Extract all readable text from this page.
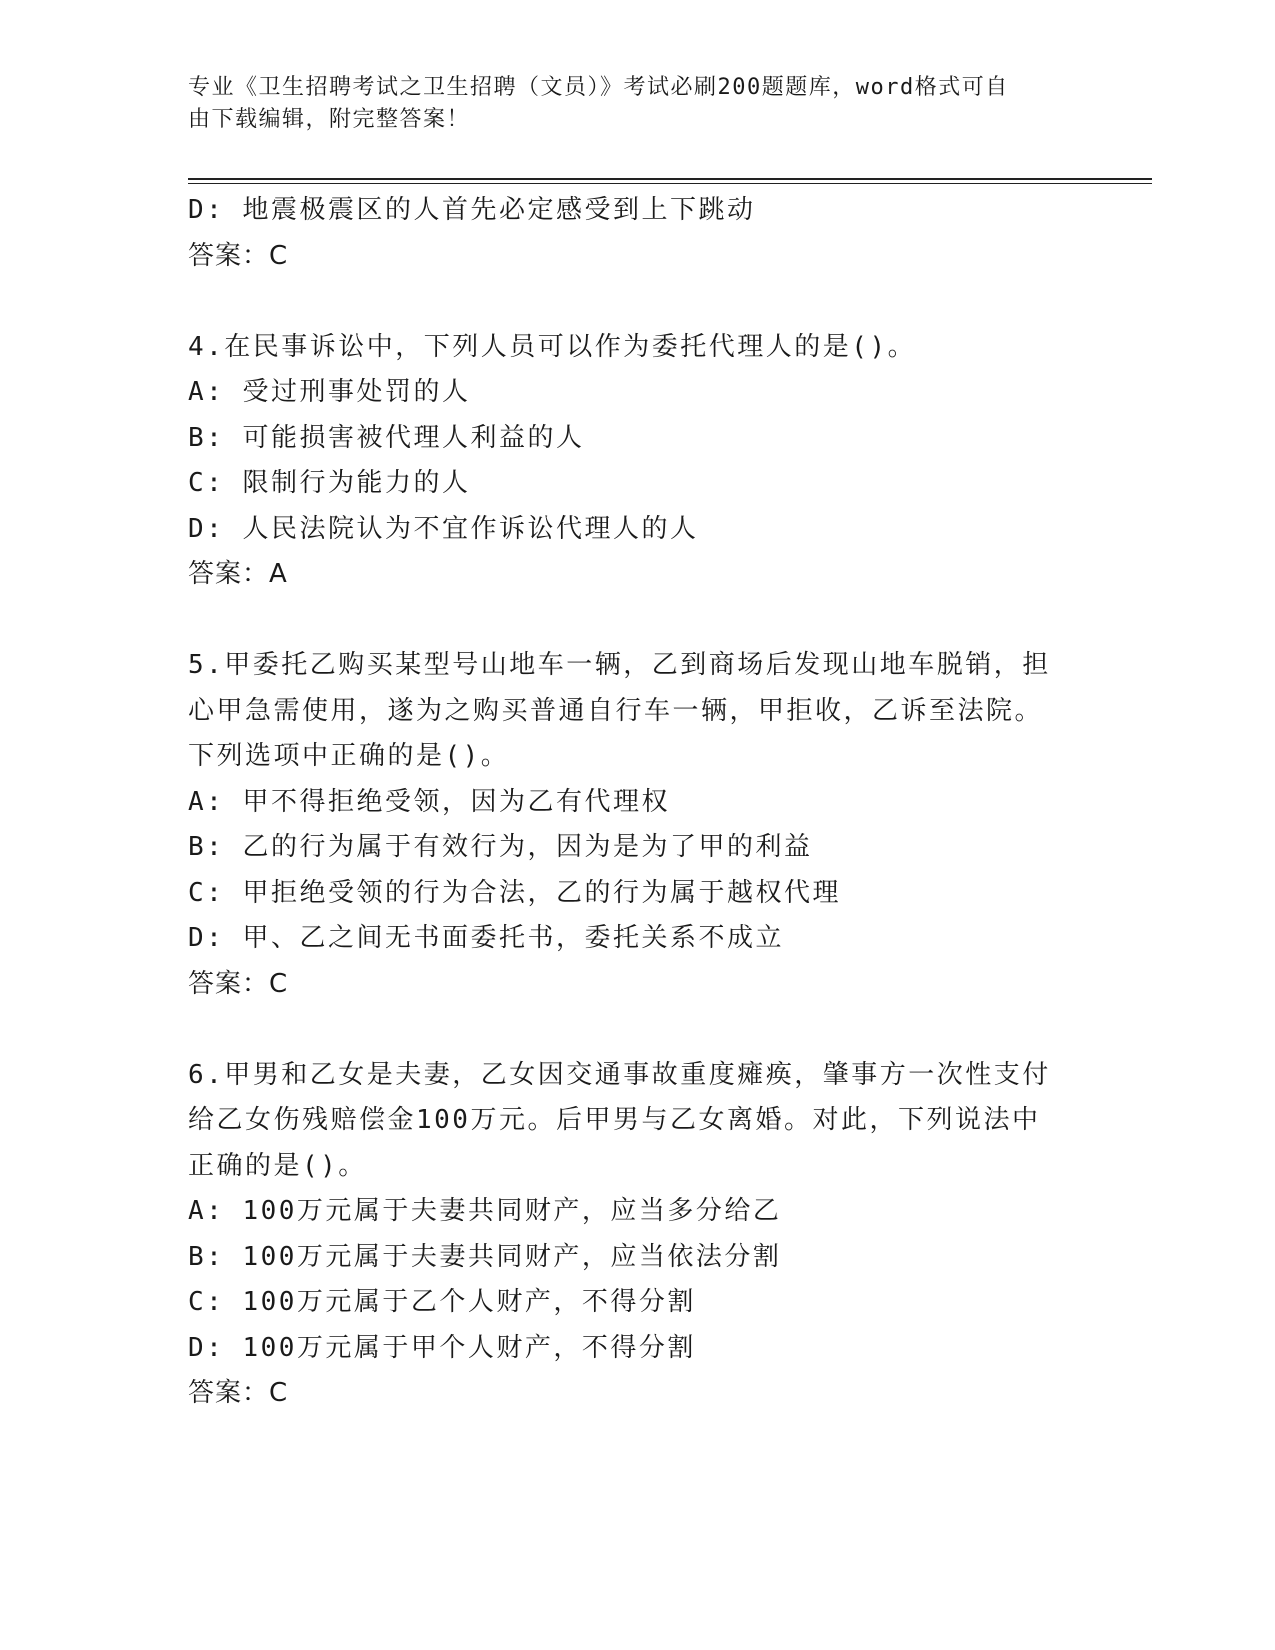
专业《卫生招聘考试之卫生招聘（文员）》考试必刷200题题库，word格式可自
由下载编辑，附完整答案！
D: 地震极震区的人首先必定感受到上下跳动
答案：C
4.在民事诉讼中，下列人员可以作为委托代理人的是()。
A: 受过刑事处罚的人
B: 可能损害被代理人利益的人
C: 限制行为能力的人
D: 人民法院认为不宜作诉讼代理人的人
答案：A
5.甲委托乙购买某型号山地车一辆，乙到商场后发现山地车脱销，担
心甲急需使用，遂为之购买普通自行车一辆，甲拒收，乙诉至法院。
下列选项中正确的是()。
A: 甲不得拒绝受领，因为乙有代理权
B: 乙的行为属于有效行为，因为是为了甲的利益
C: 甲拒绝受领的行为合法，乙的行为属于越权代理
D: 甲、乙之间无书面委托书，委托关系不成立
答案：C
6.甲男和乙女是夫妻，乙女因交通事故重度瘫痪，肇事方一次性支付
给乙女伤残赔偿金100万元。后甲男与乙女离婚。对此，下列说法中
正确的是()。
A: 100万元属于夫妻共同财产，应当多分给乙
B: 100万元属于夫妻共同财产，应当依法分割
C: 100万元属于乙个人财产，不得分割
D: 100万元属于甲个人财产，不得分割
答案：C
